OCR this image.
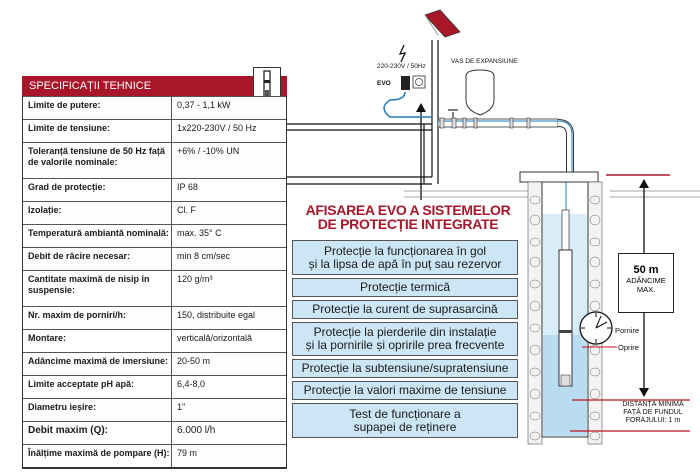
SPECIFICAȚII TEHNICE
Limite de putere:	0,37 - 1,1 kW
Limite de tensiune:	1x220-230V / 50 Hz
Toleranță tensiune de 50 Hz față de valorile nominale:
+6% / -10% UN
Grad de protecție:	IP 68
Izolație:	Cl. F
Temperatură ambiantă nominală: max. 35° C
Debit de răcire necesar:	min 8 cm/sec
Cantitate maximă de nisip în suspensie:
120 g/m³
Nr. maxim de porniri/h:	150, distribuite egal
Montare:	verticală/orizontală
Adâncime maximă de imersiune: 20-50 m
Limite acceptate pH apă:	6,4-8,0
Diametru ieșire:	1"
Debit maxim (Q):	6.000 l/h
Înălțime maximă de pompare (H): 79 m
220-230V / 50Hz
EVO
VAS DE EXPANSIUNE
AFISAREA EVO A SISTEMELOR
DE PROTECȚIE INTEGRATE
Protecție la funcționarea în gol
și la lipsa de apă în puț sau rezervor
Protecție termică
Protecție la curent de suprasarcină
Protecție la pierderile din instalație
și la pornirile și opririle prea frecvente
Protecție la subtensiune/supratensiune
Protecție la valori maxime de tensiune
Test de funcționare a
supapei de reținere
50 m
ADÂNCIME
MAX.
Pornire
Oprire
DISTANȚĂ MINIMĂ
FAȚĂ DE FUNDUL
FORAJULUI: 1 m
